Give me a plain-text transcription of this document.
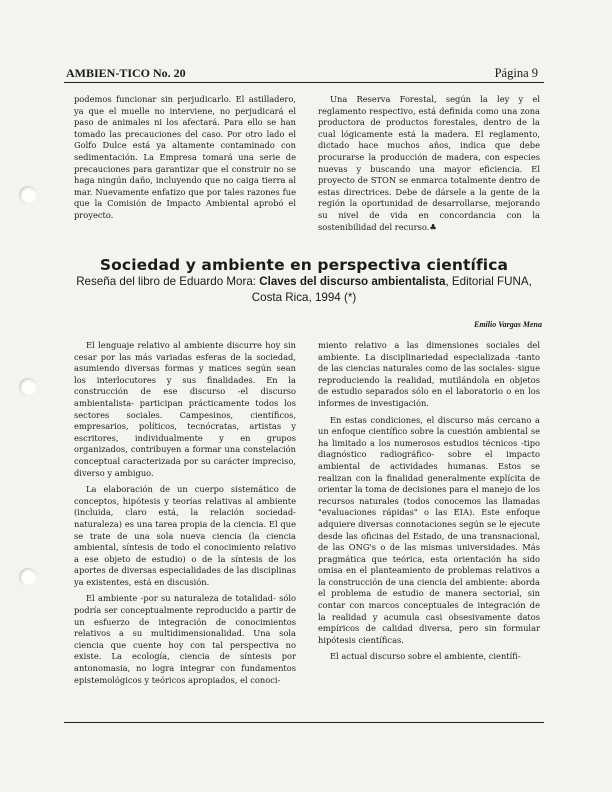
AMBIEN-TICO No. 20	Página 9

podemos funcionar sin perjudicarlo. El astilladero, ya que el muelle no interviene, no perjudicará el paso de animales ni los afectará. Para ello se han tomado las precauciones del caso. Por otro lado el Golfo Dulce está ya altamente contaminado con sedimentación. La Empresa tomará una serie de precauciones para garantizar que el construir no se haga ningún daño, incluyendo que no caiga tierra al mar. Nuevamente enfatizo que por tales razones fue que la Comisión de Impacto Ambiental aprobó el proyecto.

Una Reserva Forestal, según la ley y el reglamento respectivo, está definida como una zona productora de productos forestales, dentro de la cual lógicamente está la madera. El reglamento, dictado hace muchos años, indica que debe procurarse la producción de madera, con especies nuevas y buscando una mayor eficiencia. El proyecto de STON se enmarca totalmente dentro de estas directrices. Debe de dársele a la gente de la región la oportunidad de desarrollarse, mejorando su nivel de vida en concordancia con la sostenibilidad del recurso.♣

Sociedad y ambiente en perspectiva científica
Reseña del libro de Eduardo Mora: Claves del discurso ambientalista, Editorial FUNA, Costa Rica, 1994 (*)
Emilio Vargas Mena

El lenguaje relativo al ambiente discurre hoy sin cesar por las más variadas esferas de la sociedad, asumiendo diversas formas y matices según sean los interlocutores y sus finalidades. En la construcción de ese discurso -el discurso ambientalista- participan prácticamente todos los sectores sociales. Campesinos, científicos, empresarios, políticos, tecnócratas, artistas y escritores, individualmente y en grupos organizados, contribuyen a formar una constelación conceptual caracterizada por su carácter impreciso, diverso y ambiguo.

La elaboración de un cuerpo sistemático de conceptos, hipótesis y teorías relativas al ambiente (incluida, claro está, la relación sociedad-naturaleza) es una tarea propia de la ciencia. El que se trate de una sola nueva ciencia (la ciencia ambiental, síntesis de todo el conocimiento relativo a ese objeto de estudio) o de la síntesis de los aportes de diversas especialidades de las disciplinas ya existentes, está en discusión.

El ambiente -por su naturaleza de totalidad- sólo podría ser conceptualmente reproducido a partir de un esfuerzo de integración de conocimientos relativos a su multidimensionalidad. Una sola ciencia que cuente hoy con tal perspectiva no existe. La ecología, ciencia de síntesis por antonomasia, no logra integrar con fundamentos epistemológicos y teóricos apropiados, el conoci-

miento relativo a las dimensiones sociales del ambiente. La disciplinariedad especializada -tanto de las ciencias naturales como de las sociales- sigue reproduciendo la realidad, mutilándola en objetos de estudio separados sólo en el laboratorio o en los informes de investigación.

En estas condiciones, el discurso más cercano a un enfoque científico sobre la cuestión ambiental se ha limitado a los numerosos estudios técnicos -tipo diagnóstico radiográfico- sobre el impacto ambiental de actividades humanas. Estos se realizan con la finalidad generalmente explícita de orientar la toma de decisiones para el manejo de los recursos naturales (todos conocemos las llamadas "evaluaciones rápidas" o las EIA). Este enfoque adquiere diversas connotaciones según se le ejecute desde las oficinas del Estado, de una transnacional, de las ONG's o de las mismas universidades. Más pragmática que teórica, esta orientación ha sido omisa en el planteamiento de problemas relativos a la construcción de una ciencia del ambiente: aborda el problema de estudio de manera sectorial, sin contar con marcos conceptuales de integración de la realidad y acumula casi obsesivamente datos empíricos de calidad diversa, pero sin formular hipótesis científicas.

El actual discurso sobre el ambiente, científi-
